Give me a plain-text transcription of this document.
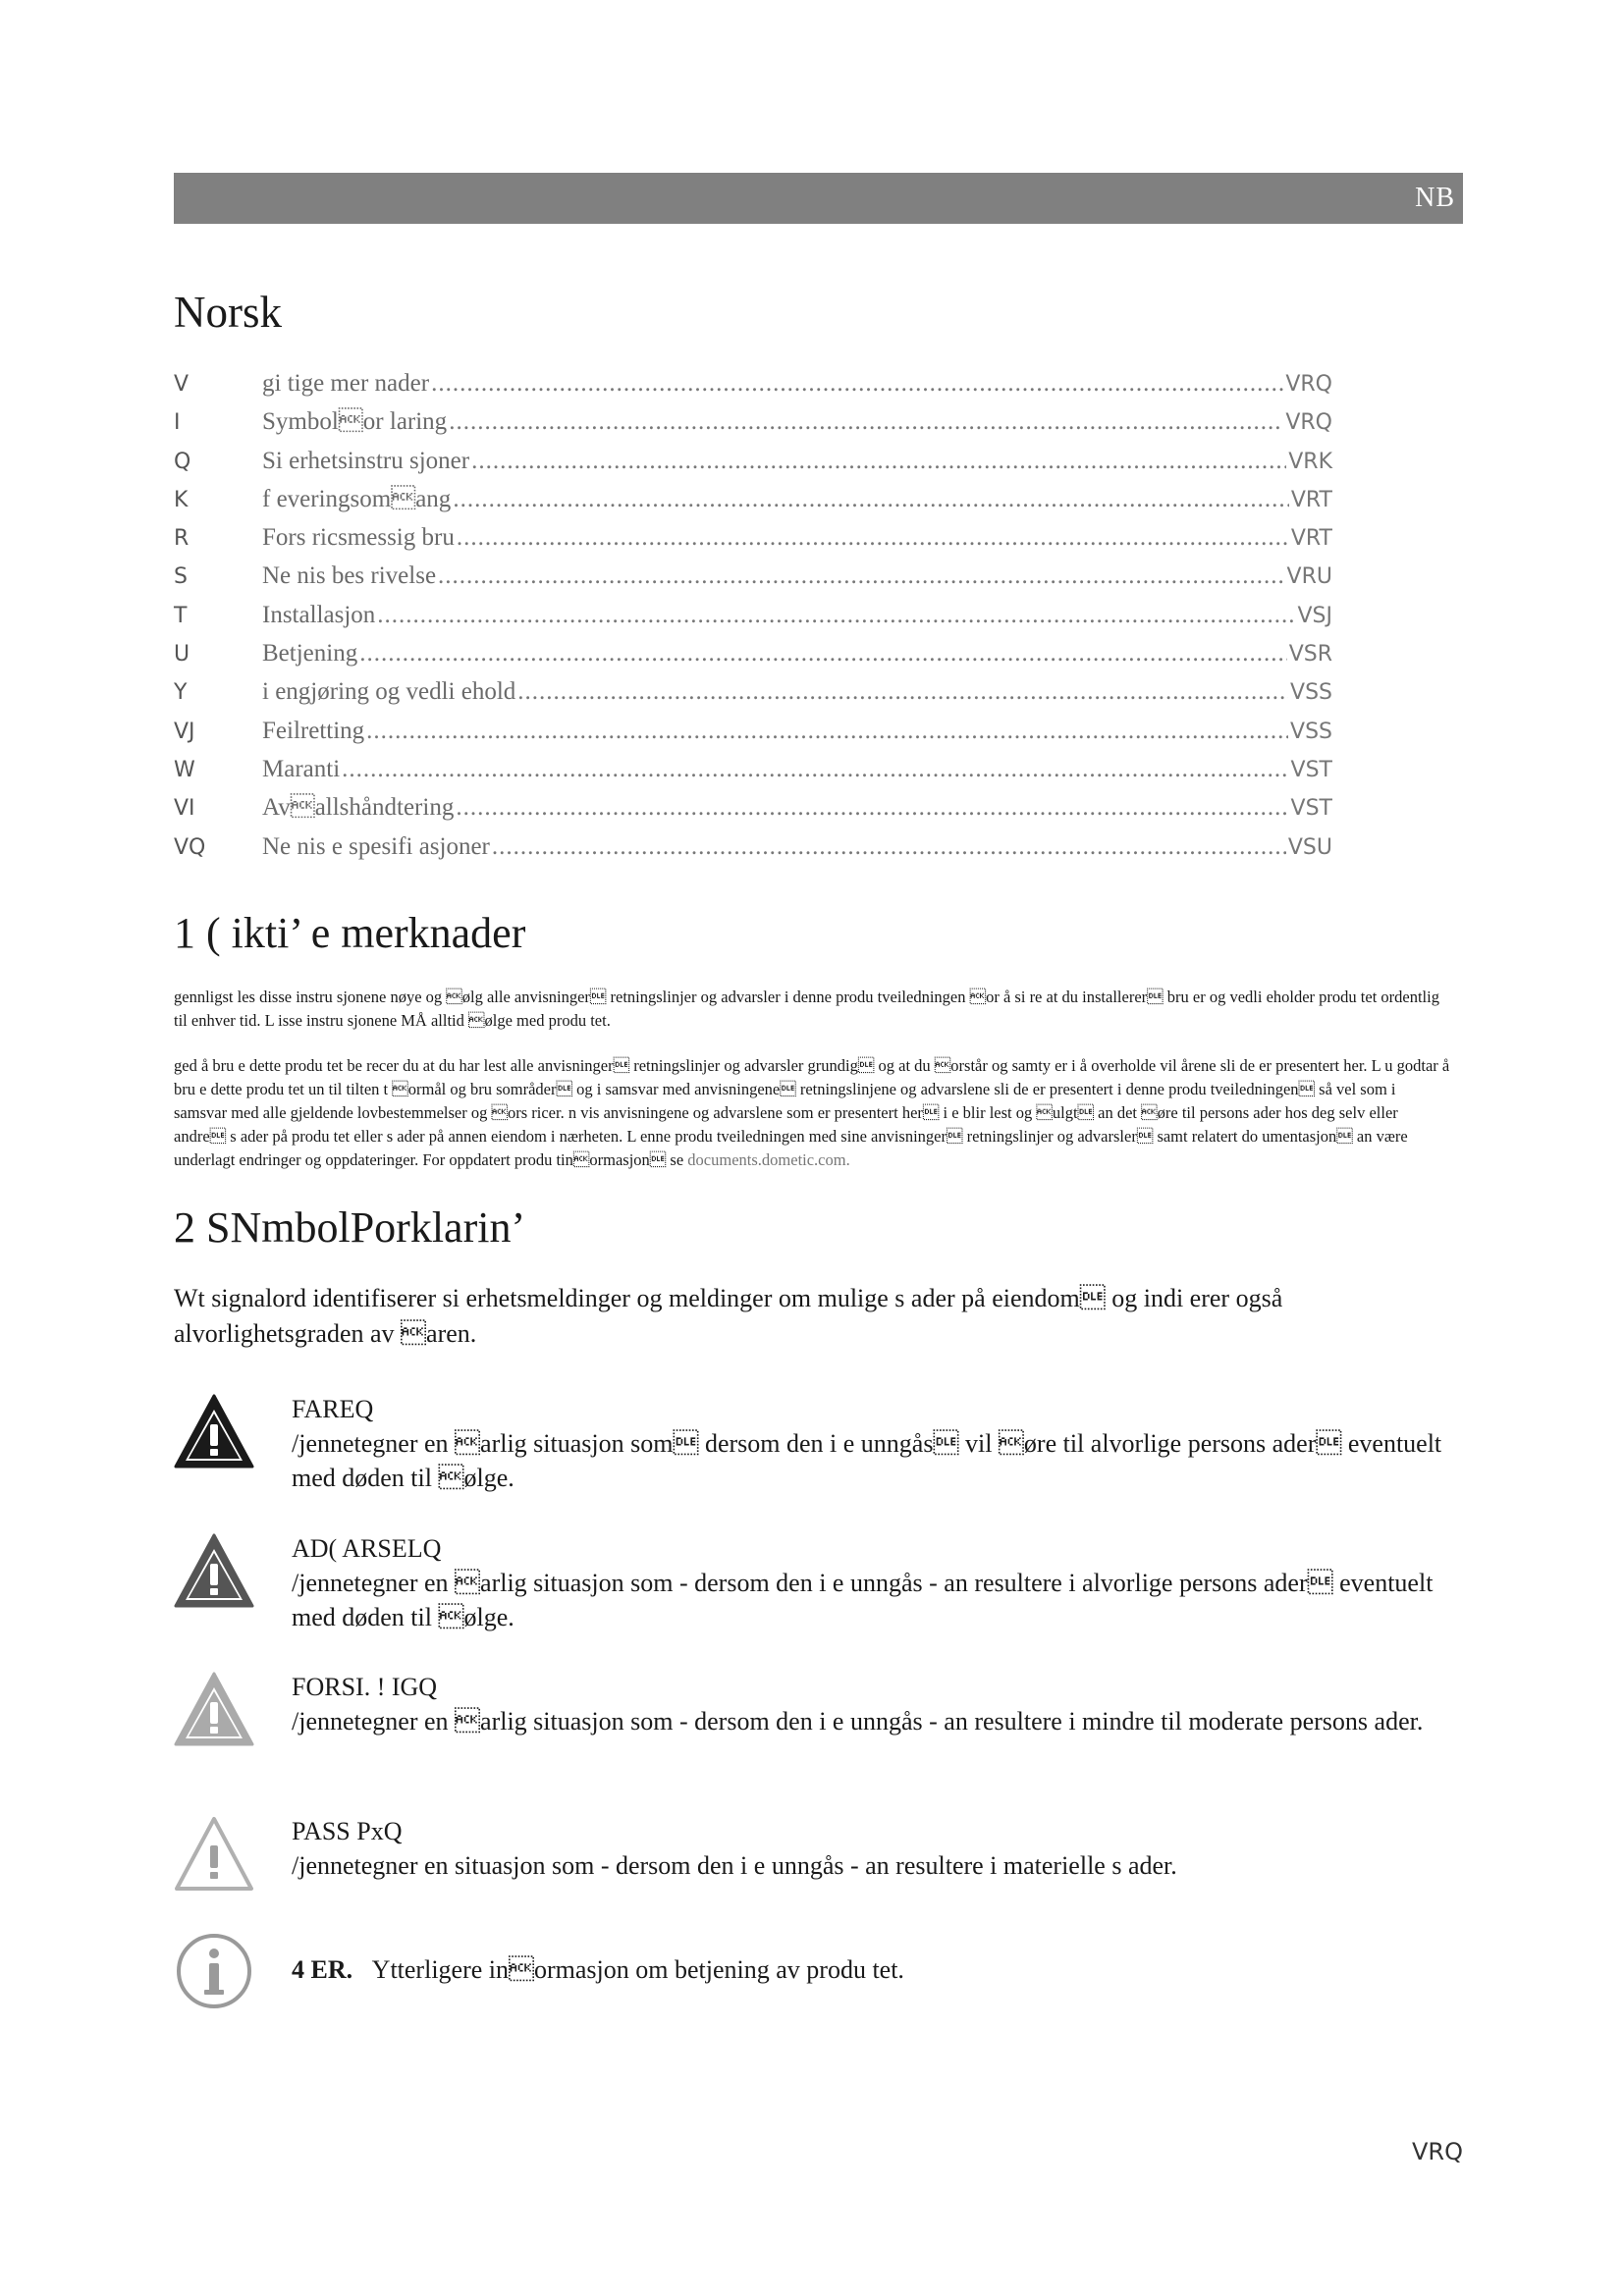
NB
Norsk
V	gi tige mer nader .....	VRQ
I	Symbolor laring .....	VRQ
Q	Si erhetsinstru sjoner .....	VRK
K	f everingsomang .....	VRT
R	Fors ricsmessig bru .....	VRT
S	Ne nis bes rivelse .....	VRU
T	Installasjon .....	VSJ
U	Betjening .....	VSR
Y	i engjøring og vedli ehold .....	VSS
VJ	Feilretting .....	VSS
W	Maranti .....	VST
VI	Avallshåndtering .....	VST
VQ	Ne nis e spesifi asjoner .....	VSU
1 ( ikti’ e merknader

gennligst les disse instru sjonene nøye og ølg alle anvisninger retningslinjer og advarsler i denne produ tveiledningen or å si re at du installerer bru er og vedli eholder produ tet ordentlig til enhver tid. L isse instru sjonene MÅ alltid ølge med produ tet.

ged å bru e dette produ tet be recer du at du har lest alle anvisninger retningslinjer og advarsler grundig og at du orstår og samty er i å overholde vil årene sli de er presentert her. L u godtar å bru e dette produ tet un til tilten t ormål og bru sområder og i samsvar med anvisningene retningslinjene og advarslene sli de er presentert i denne produ tveiledningen så vel som i samsvar med alle gjeldende lovbestemmelser og ors ricer. n vis anvisningene og advarslene som er presentert her i e blir lest og ulgt an det øre til persons ader hos deg selv eller andre s ader på produ tet eller s ader på annen eiendom i nærheten. L enne produ tveiledningen med sine anvisninger retningslinjer og advarsler samt relatert do umentasjon an være underlagt endringer og oppdateringer. For oppdatert produ tinormasjon se documents.dometic.com.

2 SNmbolPorklarin’

Wt signalord identifiserer si erhetsmeldinger og meldinger om mulige s ader på eiendom og indi erer også alvorlighetsgraden av aren.

FAREQ
/jennetegner en arlig situasjon som dersom den i e unngås vil øre til alvorlige persons ader eventuelt med døden til ølge.
AD( ARSELQ
/jennetegner en arlig situasjon som - dersom den i e unngås - an resultere i alvorlige persons ader eventuelt med døden til ølge.
FORSI. ! IGQ
/jennetegner en arlig situasjon som - dersom den i e unngås - an resultere i mindre til moderate persons ader.
PASS PxQ
/jennetegner en situasjon som - dersom den i e unngås - an resultere i materielle s ader.
4 ER. Ytterligere inormasjon om betjening av produ tet.
VRQ
